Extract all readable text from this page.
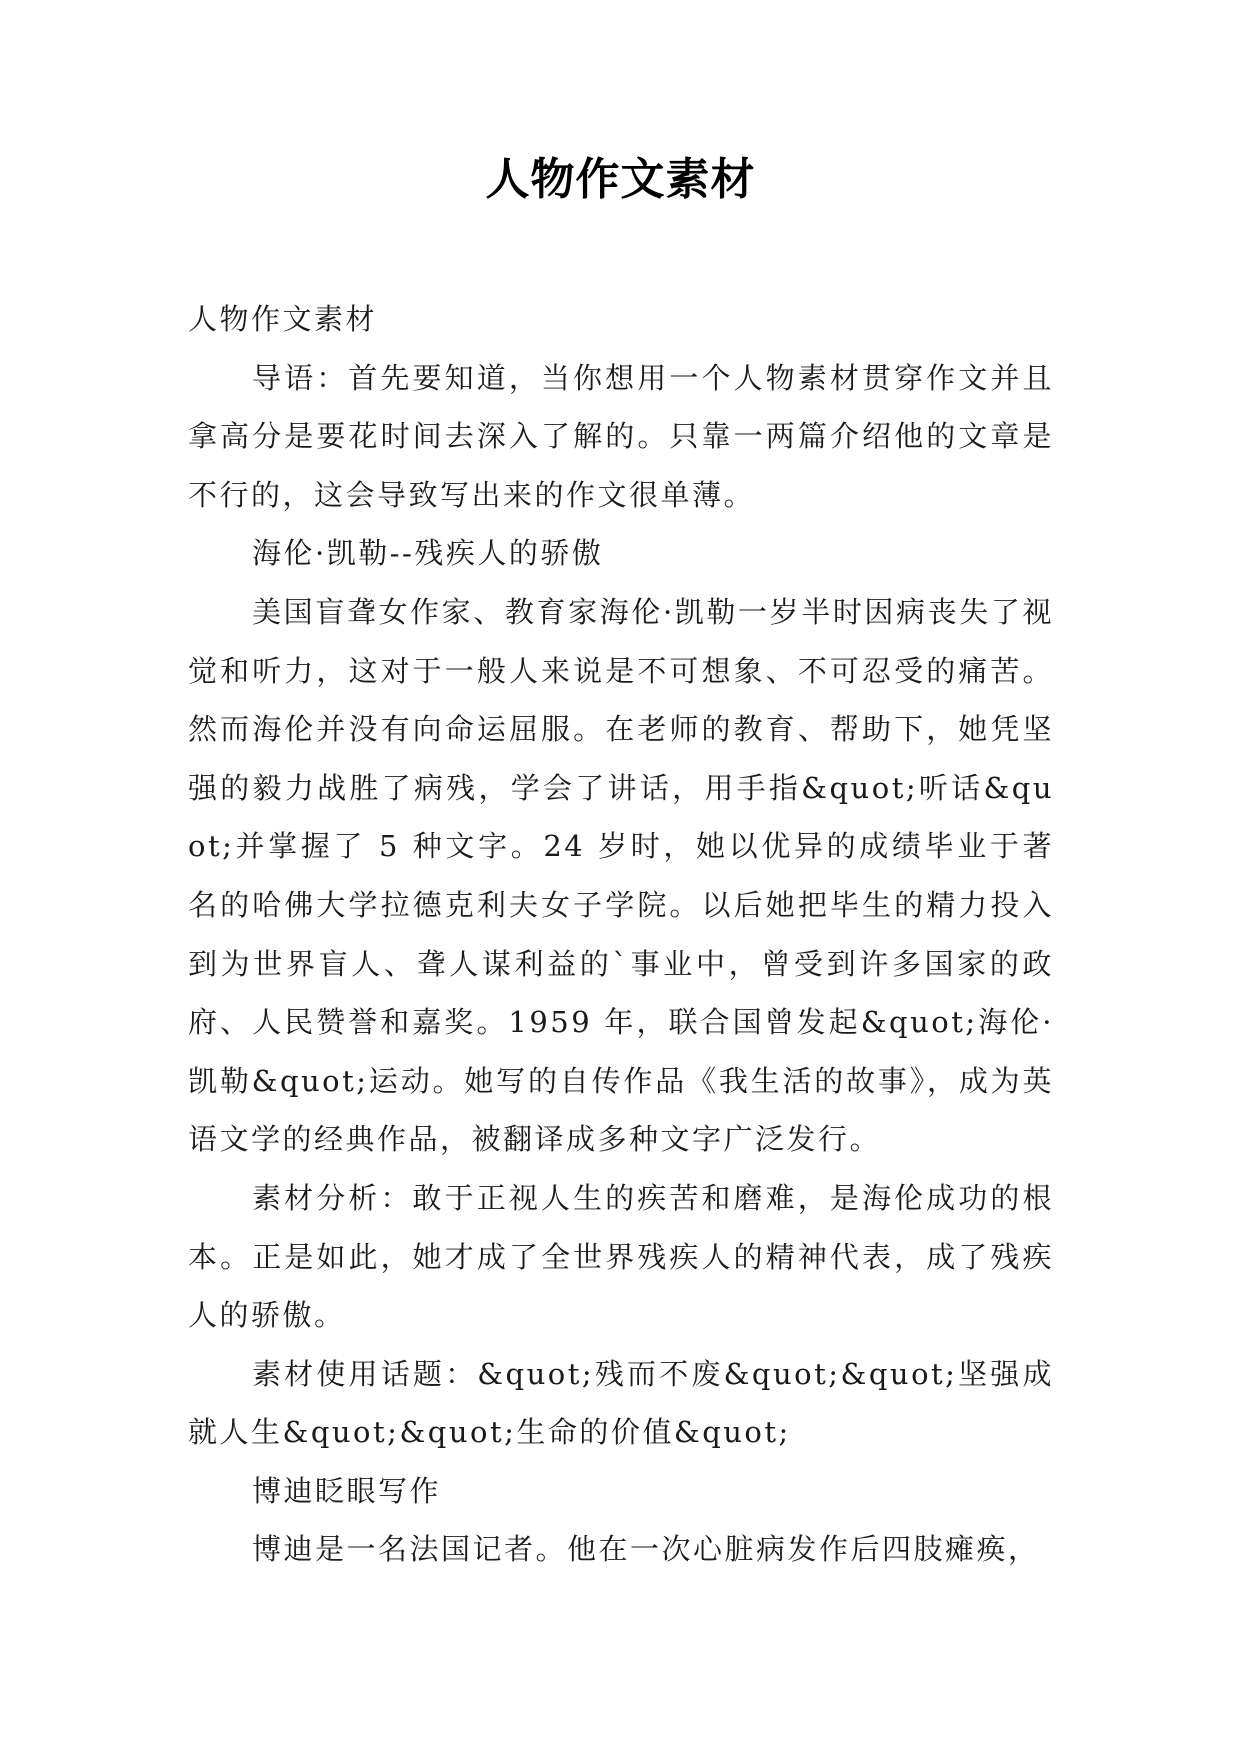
人物作文素材

人物作文素材

导语：首先要知道，当你想用一个人物素材贯穿作文并且拿高分是要花时间去深入了解的。只靠一两篇介绍他的文章是不行的，这会导致写出来的作文很单薄。

海伦·凯勒--残疾人的骄傲

美国盲聋女作家、教育家海伦·凯勒一岁半时因病丧失了视觉和听力，这对于一般人来说是不可想象、不可忍受的痛苦。然而海伦并没有向命运屈服。在老师的教育、帮助下，她凭坚强的毅力战胜了病残，学会了讲话，用手指&quot;听话&quot;并掌握了 5 种文字。24 岁时，她以优异的成绩毕业于著名的哈佛大学拉德克利夫女子学院。以后她把毕生的精力投入到为世界盲人、聋人谋利益的`事业中，曾受到许多国家的政府、人民赞誉和嘉奖。1959 年，联合国曾发起&quot;海伦·凯勒&quot;运动。她写的自传作品《我生活的故事》，成为英语文学的经典作品，被翻译成多种文字广泛发行。

素材分析：敢于正视人生的疾苦和磨难，是海伦成功的根本。正是如此，她才成了全世界残疾人的精神代表，成了残疾人的骄傲。

素材使用话题：&quot;残而不废&quot;&quot;坚强成就人生&quot;&quot;生命的价值&quot;

博迪眨眼写作

博迪是一名法国记者。他在一次心脏病发作后四肢瘫痪，
